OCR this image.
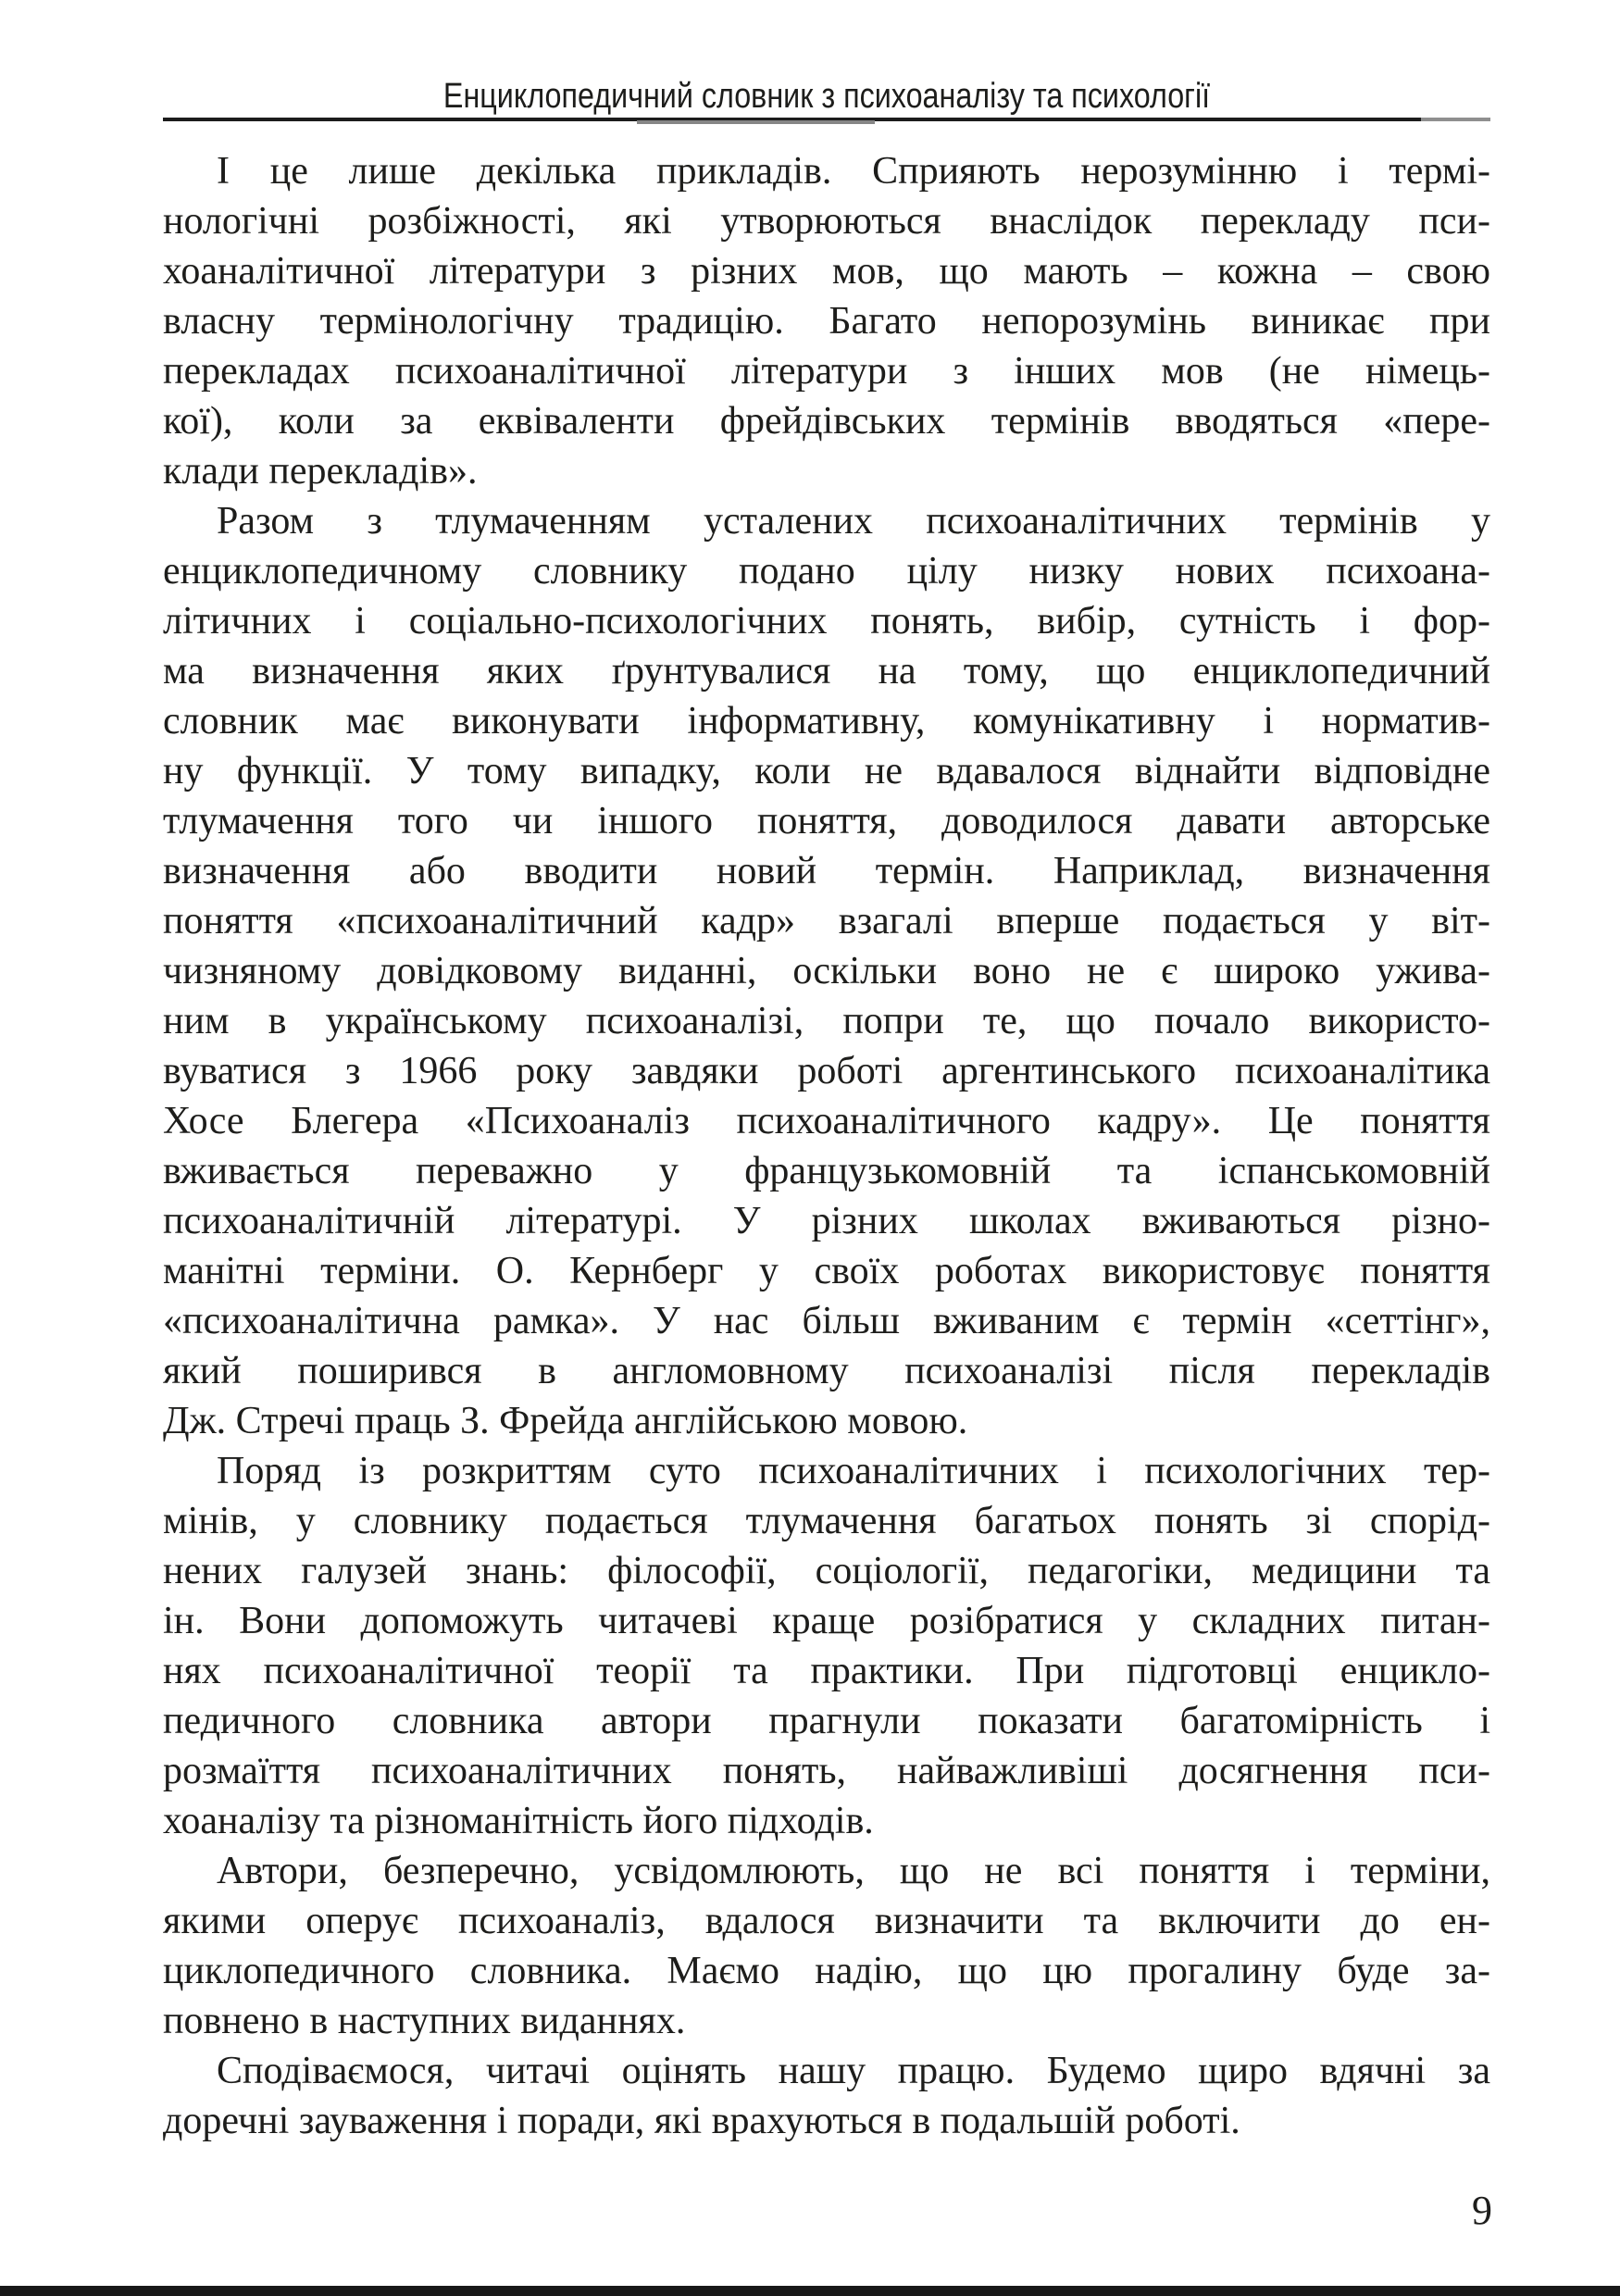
Енциклопедичний словник з психоаналізу та психології
І це лише декілька прикладів. Сприяють нерозумінню і термі-
нологічні розбіжності, які утворюються внаслідок перекладу пси-
хоаналітичної літератури з різних мов, що мають – кожна – свою
власну термінологічну традицію. Багато непорозумінь виникає при
перекладах психоаналітичної літератури з інших мов (не німець-
кої), коли за еквіваленти фрейдівських термінів вводяться «пере-
клади перекладів».
Разом з тлумаченням усталених психоаналітичних термінів у
енциклопедичному словнику подано цілу низку нових психоана-
літичних і соціально-психологічних понять, вибір, сутність і фор-
ма визначення яких ґрунтувалися на тому, що енциклопедичний
словник має виконувати інформативну, комунікативну і норматив-
ну функції. У тому випадку, коли не вдавалося віднайти відповідне
тлумачення того чи іншого поняття, доводилося давати авторське
визначення або вводити новий термін. Наприклад, визначення
поняття «психоаналітичний кадр» взагалі вперше подається у віт-
чизняному довідковому виданні, оскільки воно не є широко ужива-
ним в українському психоаналізі, попри те, що почало використо-
вуватися з 1966 року завдяки роботі аргентинського психоаналітика
Хосе Блегера «Психоаналіз психоаналітичного кадру». Це поняття
вживається переважно у французькомовній та іспанськомовній
психоаналітичній літературі. У різних школах вживаються різно-
манітні терміни. О. Кернберг у своїх роботах використовує поняття
«психоаналітична рамка». У нас більш вживаним є термін «сеттінг»,
який поширився в англомовному психоаналізі після перекладів
Дж. Стречі праць З. Фрейда англійською мовою.
Поряд із розкриттям суто психоаналітичних і психологічних тер-
мінів, у словнику подається тлумачення багатьох понять зі спорід-
нених галузей знань: філософії, соціології, педагогіки, медицини та
ін. Вони допоможуть читачеві краще розібратися у складних питан-
нях психоаналітичної теорії та практики. При підготовці енцикло-
педичного словника автори прагнули показати багатомірність і
розмаїття психоаналітичних понять, найважливіші досягнення пси-
хоаналізу та різноманітність його підходів.
Автори, безперечно, усвідомлюють, що не всі поняття і терміни,
якими оперує психоаналіз, вдалося визначити та включити до ен-
циклопедичного словника. Маємо надію, що цю прогалину буде за-
повнено в наступних виданнях.
Сподіваємося, читачі оцінять нашу працю. Будемо щиро вдячні за
доречні зауваження і поради, які врахуються в подальшій роботі.
9
